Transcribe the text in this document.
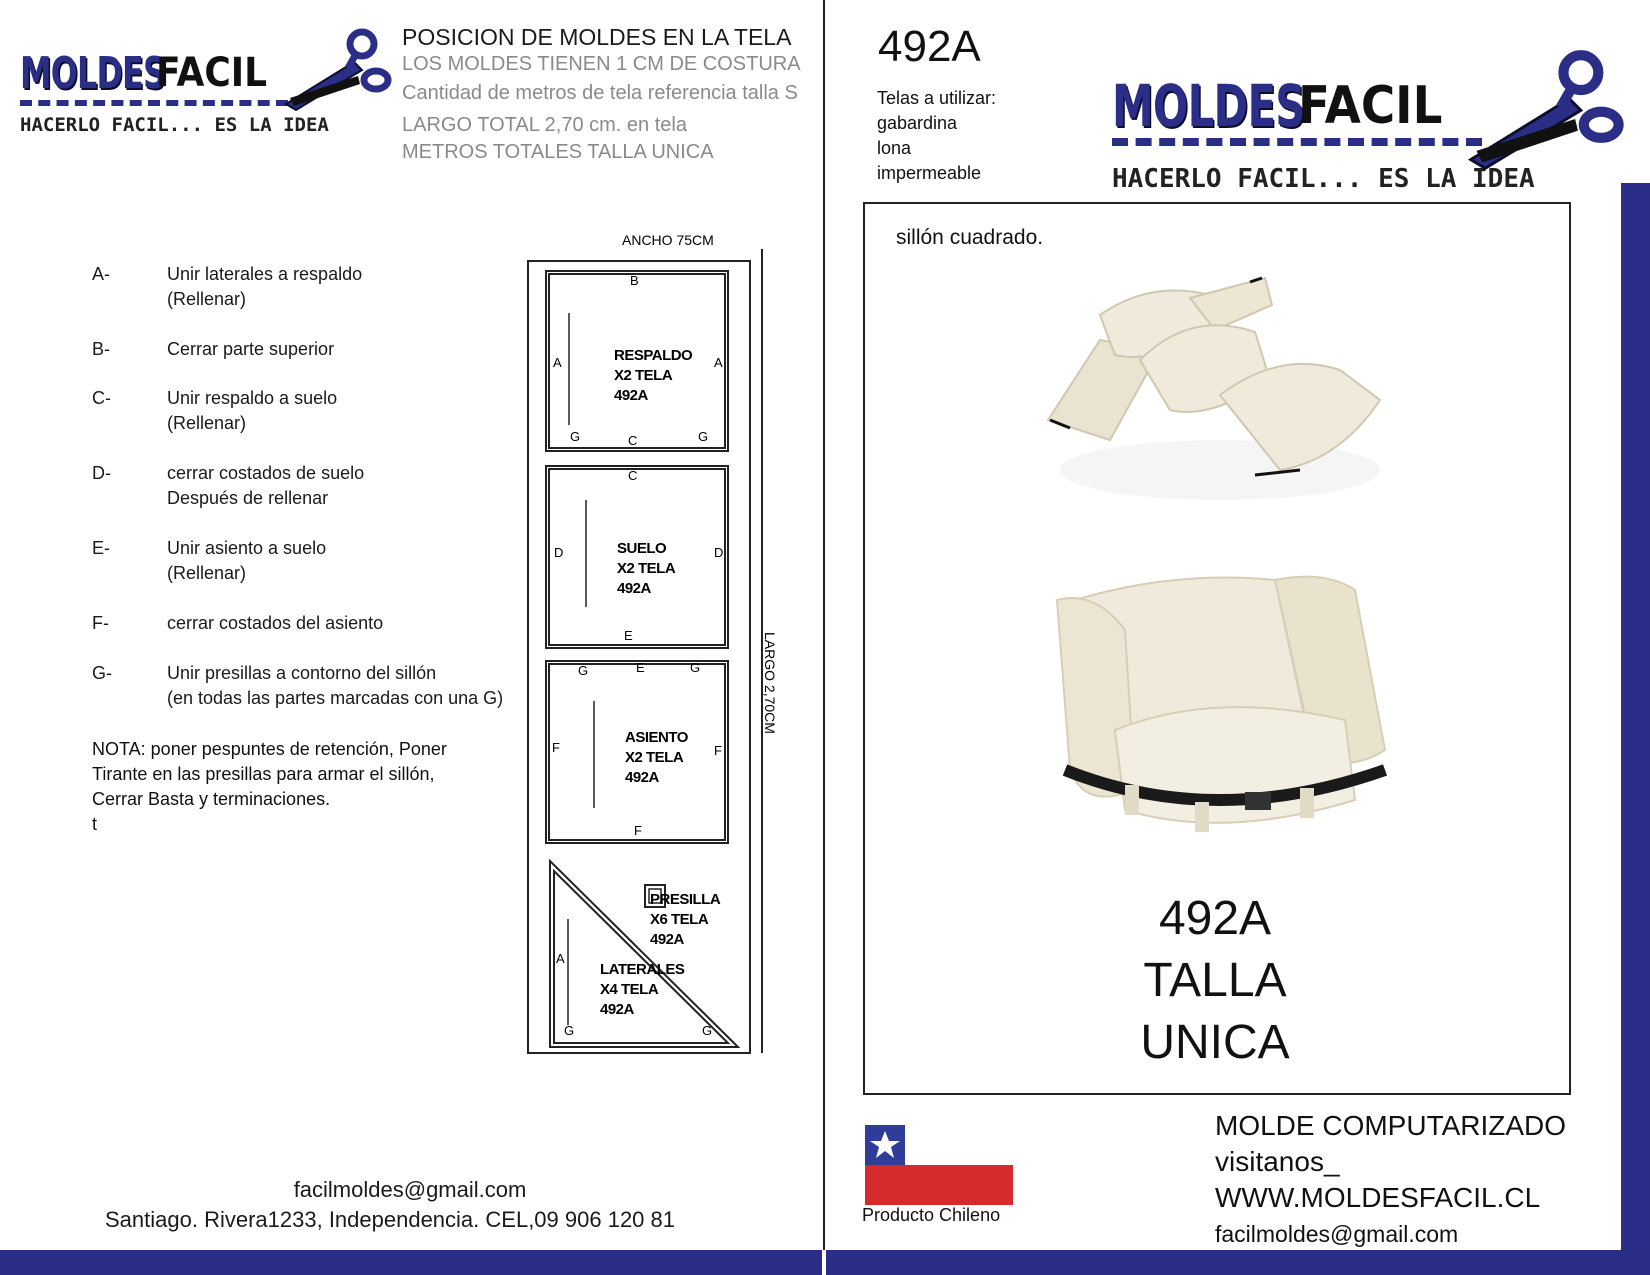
MOLDES
FACIL
HACERLO FACIL... ES LA IDEA
POSICION DE MOLDES EN LA TELA
LOS MOLDES TIENEN 1 CM DE COSTURA
Cantidad de metros de tela referencia talla S
LARGO TOTAL 2,70 cm. en tela
METROS TOTALES TALLA UNICA
A-	Unir laterales a respaldo
(Rellenar)
B-	Cerrar parte superior
C-	Unir respaldo a suelo
(Rellenar)
D-	cerrar costados de suelo
Después de rellenar
E-	Unir asiento a suelo
(Rellenar)
F-	cerrar costados del asiento
G-	Unir presillas a contorno del sillón
(en todas las partes marcadas con una G)
NOTA: poner pespuntes de retención, Poner
Tirante en las presillas para armar el sillón,
Cerrar Basta y terminaciones.
t
ANCHO 75CM
LARGO 2,70CM
RESPALDO
X2 TELA
492A
B
A	A
C
G	G
SUELO
X2 TELA
492A
C
D	D
E
ASIENTO
X2 TELA
492A
E
G	G
F	F
F
LATERALES
X4 TELA
492A
A
G	G
PRESILLA
X6 TELA
492A
facilmoldes@gmail.com
Santiago. Rivera1233, Independencia. CEL,09 906 120 81
492A
Telas a utilizar:
gabardina
lona
impermeable
MOLDES
FACIL
HACERLO FACIL... ES LA IDEA
sillón cuadrado.
492A
TALLA
UNICA
Producto Chileno
MOLDE COMPUTARIZADO
visitanos_
WWW.MOLDESFACIL.CL
facilmoldes@gmail.com
